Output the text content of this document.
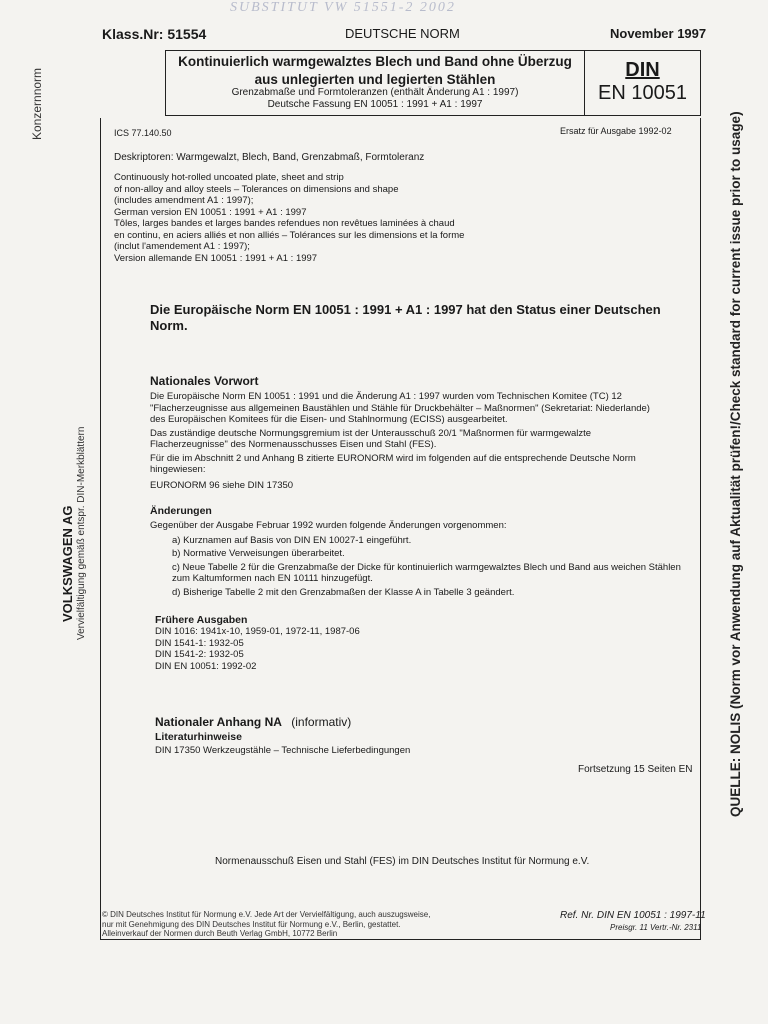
SUBSTITUT VW 51551-2 2002
Konzernnorm
VOLKSWAGEN AG Vervielfältigung gemäß entspr. DIN-Merkblättern	QUELLE: NOLIS (Norm vor Anwendung auf Aktualität prüfen!/Check standard for current issue prior to usage)
Klass.Nr: 51554	DEUTSCHE NORM	November 1997
Kontinuierlich warmgewalztes Blech und Band ohne Überzug
aus unlegierten und legierten Stählen
Grenzabmaße und Formtoleranzen (enthält Änderung A1 : 1997)
Deutsche Fassung EN 10051 : 1991 + A1 : 1997
DIN
EN 10051
ICS 77.140.50	Ersatz für Ausgabe 1992-02
Deskriptoren: Warmgewalzt, Blech, Band, Grenzabmaß, Formtoleranz
Continuously hot-rolled uncoated plate, sheet and strip
of non-alloy and alloy steels – Tolerances on dimensions and shape
(includes amendment A1 : 1997);
German version EN 10051 : 1991 + A1 : 1997
Tôles, larges bandes et larges bandes refendues non revêtues laminées à chaud
en continu, en aciers alliés et non alliés – Tolérances sur les dimensions et la forme
(inclut l'amendement A1 : 1997);
Version allemande EN 10051 : 1991 + A1 : 1997
Die Europäische Norm EN 10051 : 1991 + A1 : 1997 hat den Status einer Deutschen Norm.
Nationales Vorwort
Die Europäische Norm EN 10051 : 1991 und die Änderung A1 : 1997 wurden vom Technischen Komitee (TC) 12 "Flacherzeugnisse aus allgemeinen Baustählen und Stähle für Druckbehälter – Maßnormen" (Sekretariat: Niederlande) des Europäischen Komitees für die Eisen- und Stahlnormung (ECISS) ausgearbeitet.
Das zuständige deutsche Normungsgremium ist der Unterausschuß 20/1 "Maßnormen für warmgewalzte Flacherzeugnisse" des Normenausschusses Eisen und Stahl (FES).
Für die im Abschnitt 2 und Anhang B zitierte EURONORM wird im folgenden auf die entsprechende Deutsche Norm hingewiesen:
EURONORM 96 siehe DIN 17350
Änderungen
Gegenüber der Ausgabe Februar 1992 wurden folgende Änderungen vorgenommen:
a) Kurznamen auf Basis von DIN EN 10027-1 eingeführt.
b) Normative Verweisungen überarbeitet.
c) Neue Tabelle 2 für die Grenzabmaße der Dicke für kontinuierlich warmgewalztes Blech und Band aus weichen Stählen zum Kaltumformen nach EN 10111 hinzugefügt.
d) Bisherige Tabelle 2 mit den Grenzabmaßen der Klasse A in Tabelle 3 geändert.
Frühere Ausgaben
DIN 1016: 1941x-10, 1959-01, 1972-11, 1987-06
DIN 1541-1: 1932-05
DIN 1541-2: 1932-05
DIN EN 10051: 1992-02
Nationaler Anhang NA (informativ)
Literaturhinweise
DIN 17350 Werkzeugstähle – Technische Lieferbedingungen
Fortsetzung 15 Seiten EN
Normenausschuß Eisen und Stahl (FES) im DIN Deutsches Institut für Normung e.V.
© DIN Deutsches Institut für Normung e.V. Jede Art der Vervielfältigung, auch auszugsweise,
nur mit Genehmigung des DIN Deutsches Institut für Normung e.V., Berlin, gestattet.
Alleinverkauf der Normen durch Beuth Verlag GmbH, 10772 Berlin
Ref. Nr. DIN EN 10051 : 1997-11
Preisgr. 11 Vertr.-Nr. 2311
